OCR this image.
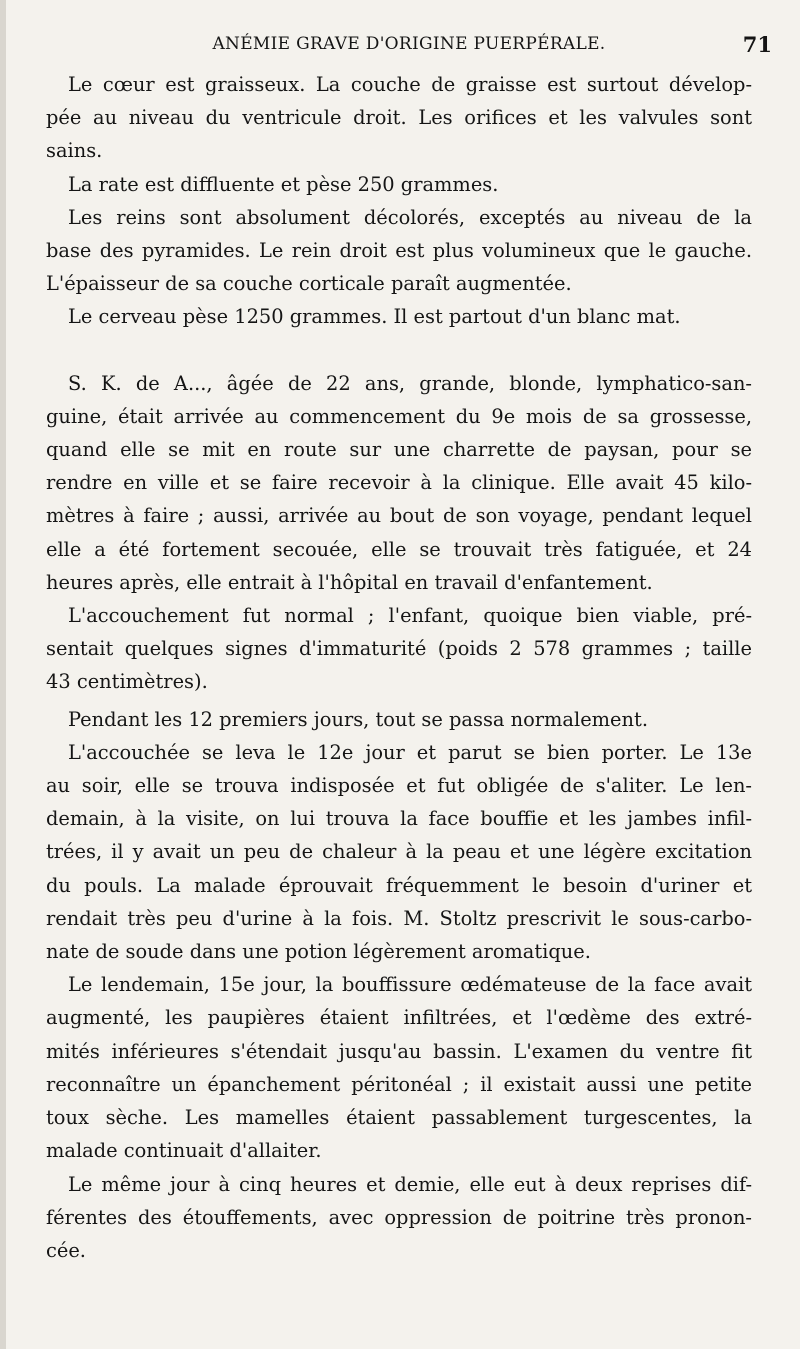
ANÉMIE GRAVE D'ORIGINE PUERPÉRALE.	71
Le cœur est graisseux. La couche de graisse est surtout dévelop-
pée au niveau du ventricule droit. Les orifices et les valvules sont
sains.
La rate est diffluente et pèse 250 grammes.
Les reins sont absolument décolorés, exceptés au niveau de la
base des pyramides. Le rein droit est plus volumineux que le gauche.
L'épaisseur de sa couche corticale paraît augmentée.
Le cerveau pèse 1250 grammes. Il est partout d'un blanc mat.
S. K. de A..., âgée de 22 ans, grande, blonde, lymphatico-san-
guine, était arrivée au commencement du 9e mois de sa grossesse,
quand elle se mit en route sur une charrette de paysan, pour se
rendre en ville et se faire recevoir à la clinique. Elle avait 45 kilo-
mètres à faire ; aussi, arrivée au bout de son voyage, pendant lequel
elle a été fortement secouée, elle se trouvait très fatiguée, et 24
heures après, elle entrait à l'hôpital en travail d'enfantement.
L'accouchement fut normal ; l'enfant, quoique bien viable, pré-
sentait quelques signes d'immaturité (poids 2 578 grammes ; taille
43 centimètres).
Pendant les 12 premiers jours, tout se passa normalement.
L'accouchée se leva le 12e jour et parut se bien porter. Le 13e
au soir, elle se trouva indisposée et fut obligée de s'aliter. Le len-
demain, à la visite, on lui trouva la face bouffie et les jambes infil-
trées, il y avait un peu de chaleur à la peau et une légère excitation
du pouls. La malade éprouvait fréquemment le besoin d'uriner et
rendait très peu d'urine à la fois. M. Stoltz prescrivit le sous-carbo-
nate de soude dans une potion légèrement aromatique.
Le lendemain, 15e jour, la bouffissure œdémateuse de la face avait
augmenté, les paupières étaient infiltrées, et l'œdème des extré-
mités inférieures s'étendait jusqu'au bassin. L'examen du ventre fit
reconnaître un épanchement péritonéal ; il existait aussi une petite
toux sèche. Les mamelles étaient passablement turgescentes, la
malade continuait d'allaiter.
Le même jour à cinq heures et demie, elle eut à deux reprises dif-
férentes des étouffements, avec oppression de poitrine très pronon-
cée.
